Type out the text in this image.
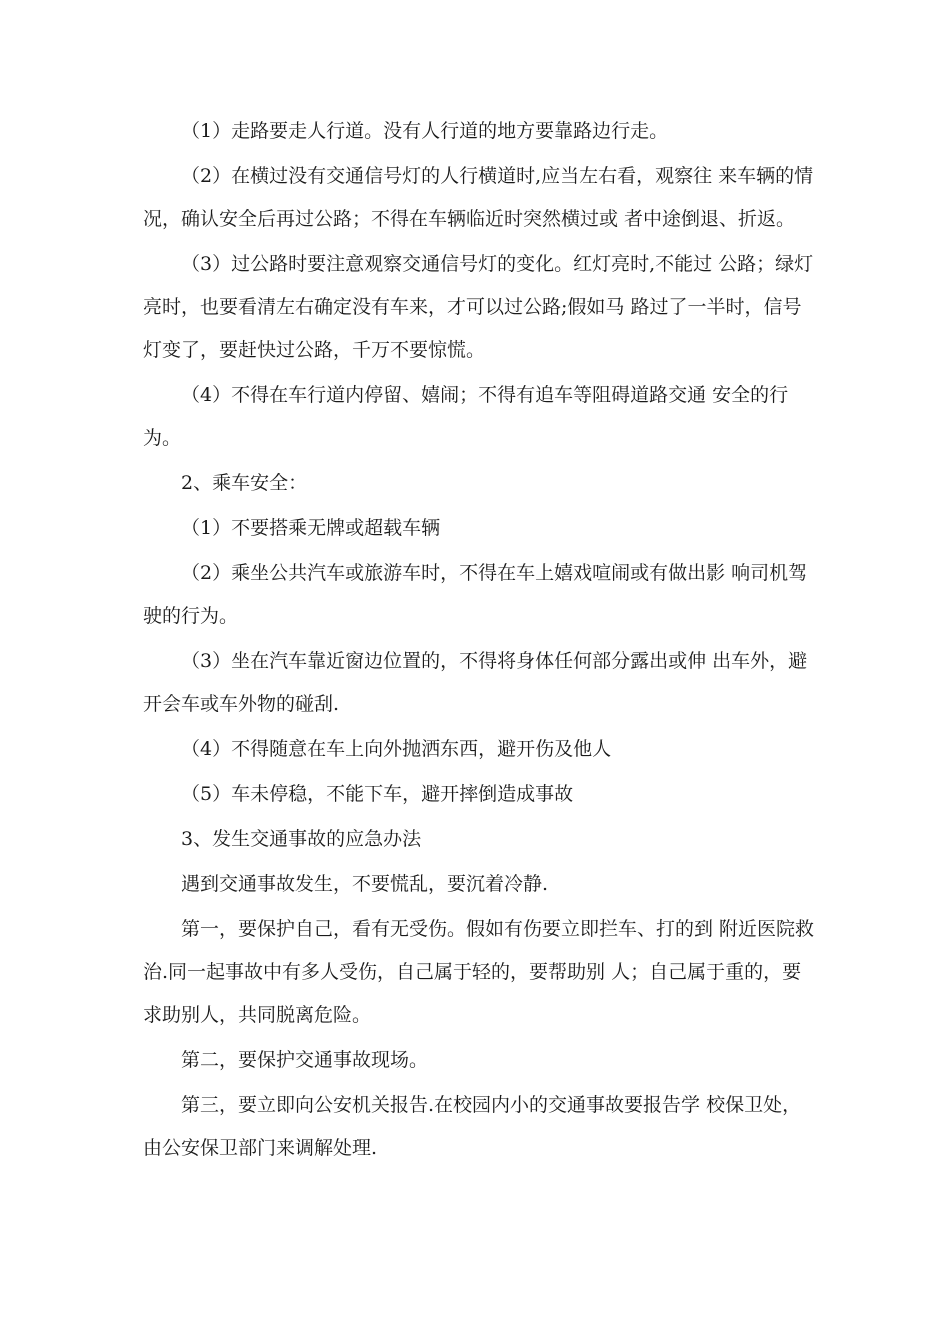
（1）走路要走人行道。没有人行道的地方要靠路边行走。

（2）在横过没有交通信号灯的人行横道时,应当左右看，观察往 来车辆的情况，确认安全后再过公路；不得在车辆临近时突然横过或 者中途倒退、折返。

（3）过公路时要注意观察交通信号灯的变化。红灯亮时,不能过 公路；绿灯亮时，也要看清左右确定没有车来，才可以过公路;假如马 路过了一半时，信号灯变了，要赶快过公路，千万不要惊慌。

（4）不得在车行道内停留、嬉闹；不得有追车等阻碍道路交通 安全的行为。

2、乘车安全：

（1）不要搭乘无牌或超载车辆

（2）乘坐公共汽车或旅游车时，不得在车上嬉戏喧闹或有做出影 响司机驾驶的行为。

（3）坐在汽车靠近窗边位置的，不得将身体任何部分露出或伸 出车外，避开会车或车外物的碰刮.

（4）不得随意在车上向外抛洒东西，避开伤及他人

（5）车未停稳，不能下车，避开摔倒造成事故

3、发生交通事故的应急办法

遇到交通事故发生，不要慌乱，要沉着冷静.

第一，要保护自己，看有无受伤。假如有伤要立即拦车、打的到 附近医院救治.同一起事故中有多人受伤，自己属于轻的，要帮助别 人；自己属于重的，要求助别人，共同脱离危险。

第二，要保护交通事故现场。

第三，要立即向公安机关报告.在校园内小的交通事故要报告学 校保卫处，由公安保卫部门来调解处理.
